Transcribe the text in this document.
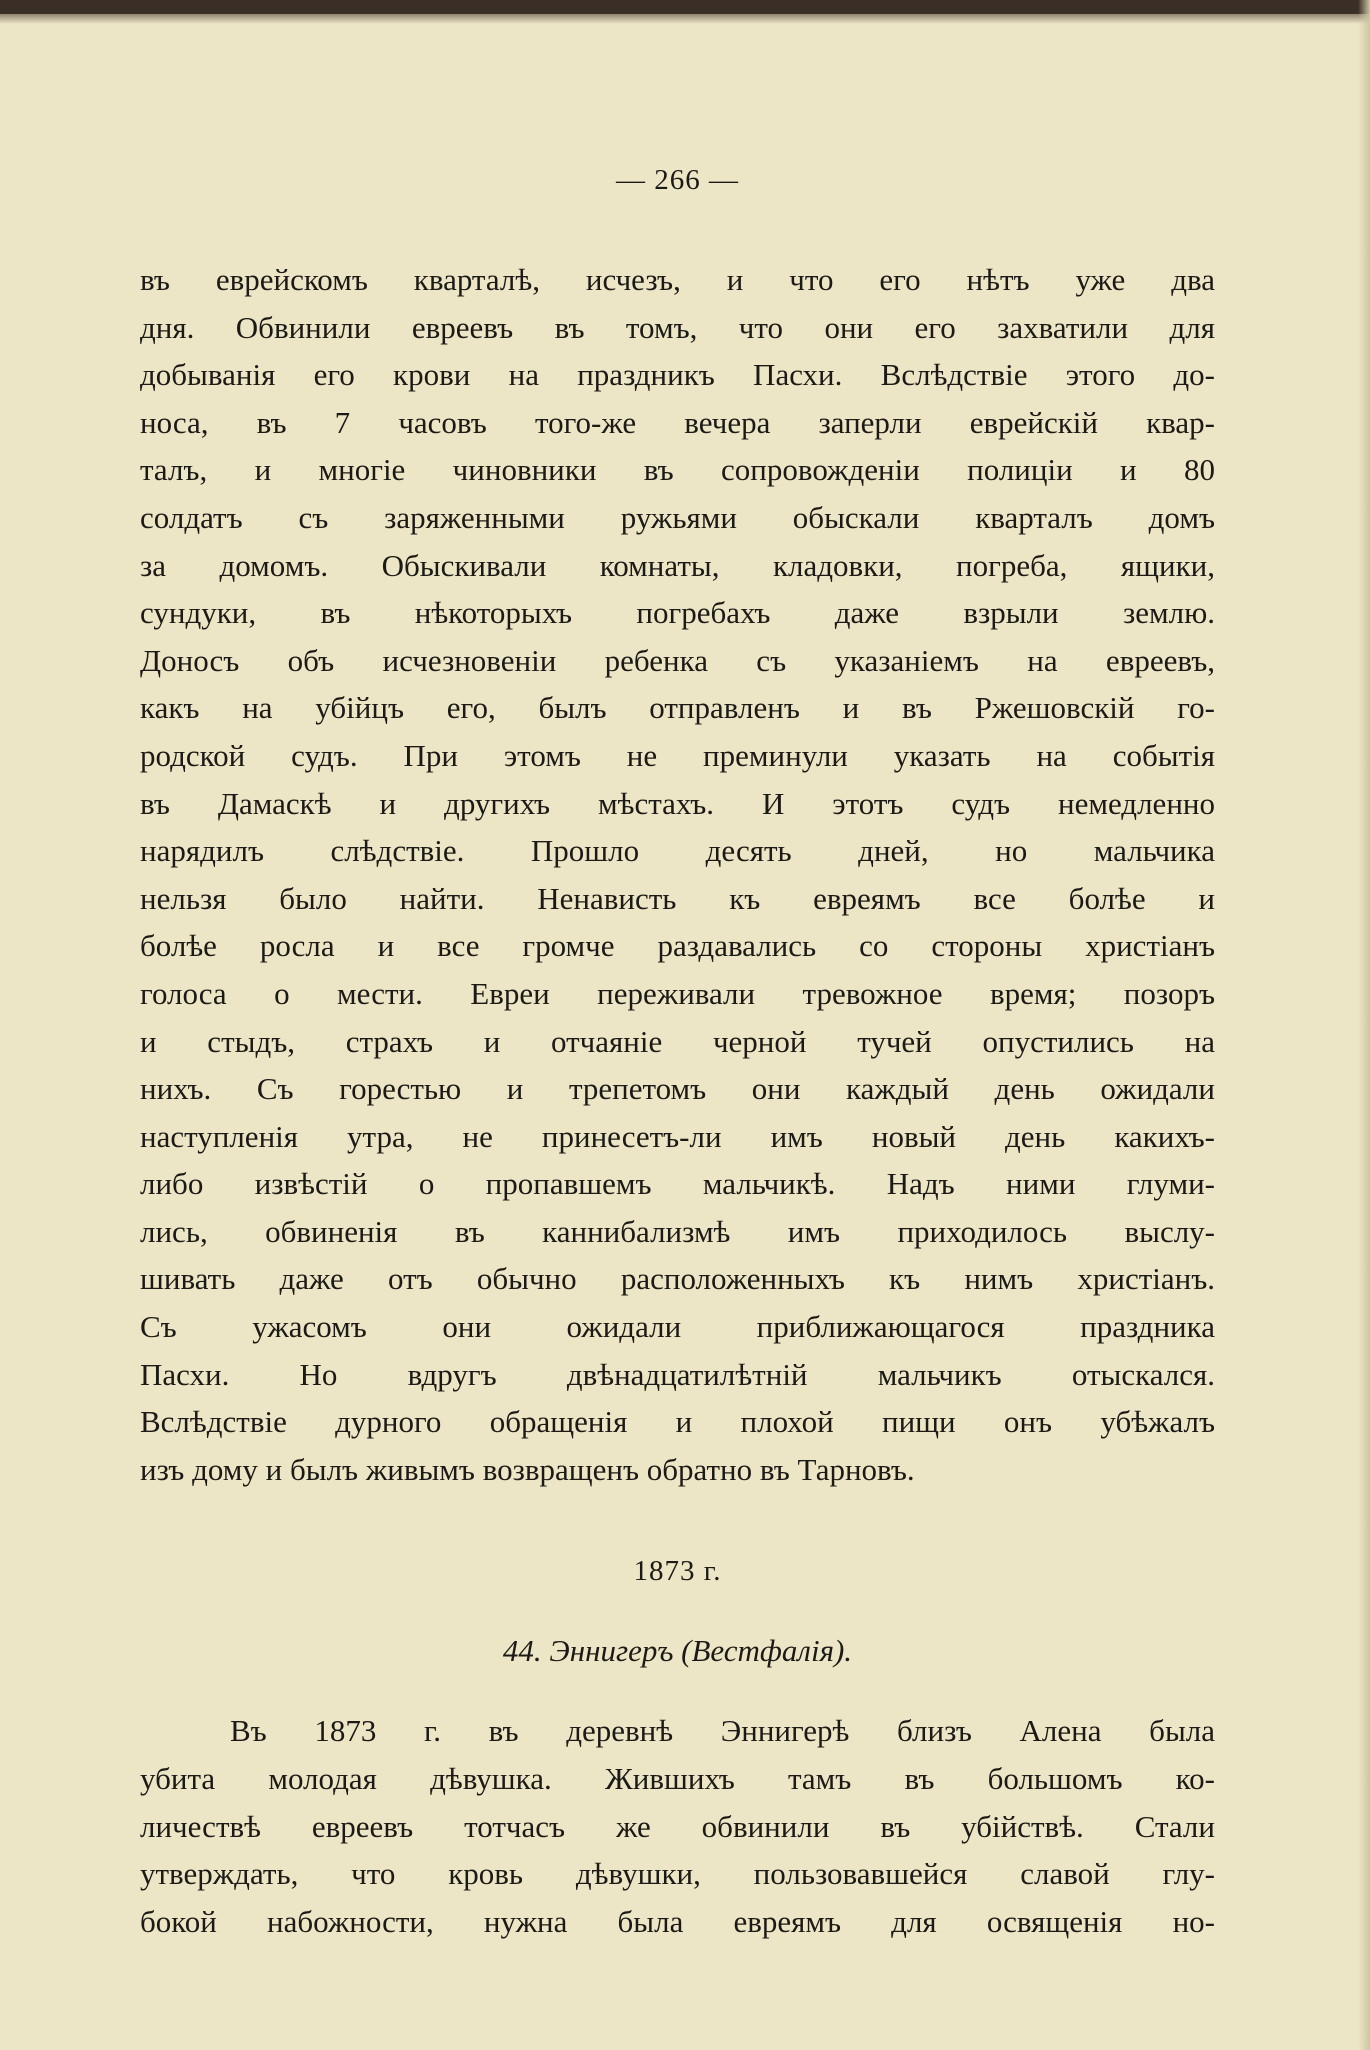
— 266 —
въ еврейскомъ кварталѣ, исчезъ, и что его нѣтъ уже два
дня. Обвинили евреевъ въ томъ, что они его захватили для
добыванія его крови на праздникъ Пасхи. Вслѣдствіе этого до-
носа, въ 7 часовъ того-же вечера заперли еврейскій квар-
талъ, и многіе чиновники въ сопровожденіи полиціи и 80
солдатъ съ заряженными ружьями обыскали кварталъ домъ
за домомъ. Обыскивали комнаты, кладовки, погреба, ящики,
сундуки, въ нѣкоторыхъ погребахъ даже взрыли землю.
Доносъ объ исчезновеніи ребенка съ указаніемъ на евреевъ,
какъ на убійцъ его, былъ отправленъ и въ Ржешовскій го-
родской судъ. При этомъ не преминули указать на событія
въ Дамаскѣ и другихъ мѣстахъ. И этотъ судъ немедленно
нарядилъ слѣдствіе. Прошло десять дней, но мальчика
нельзя было найти. Ненависть къ евреямъ все болѣе и
болѣе росла и все громче раздавались со стороны христіанъ
голоса о мести. Евреи переживали тревожное время; позоръ
и стыдъ, страхъ и отчаяніе черной тучей опустились на
нихъ. Съ горестью и трепетомъ они каждый день ожидали
наступленія утра, не принесетъ-ли имъ новый день какихъ-
либо извѣстій о пропавшемъ мальчикѣ. Надъ ними глуми-
лись, обвиненія въ каннибализмѣ имъ приходилось выслу-
шивать даже отъ обычно расположенныхъ къ нимъ христіанъ.
Съ ужасомъ они ожидали приближающагося праздника
Пасхи. Но вдругъ двѣнадцатилѣтній мальчикъ отыскался.
Вслѣдствіе дурного обращенія и плохой пищи онъ убѣжалъ
изъ дому и былъ живымъ возвращенъ обратно въ Тарновъ.
1873 г.
44. Эннигеръ (Вестфалія).
Въ 1873 г. въ деревнѣ Эннигерѣ близъ Алена была
убита молодая дѣвушка. Жившихъ тамъ въ большомъ ко-
личествѣ евреевъ тотчасъ же обвинили въ убійствѣ. Стали
утверждать, что кровь дѣвушки, пользовавшейся славой глу-
бокой набожности, нужна была евреямъ для освященія но-
